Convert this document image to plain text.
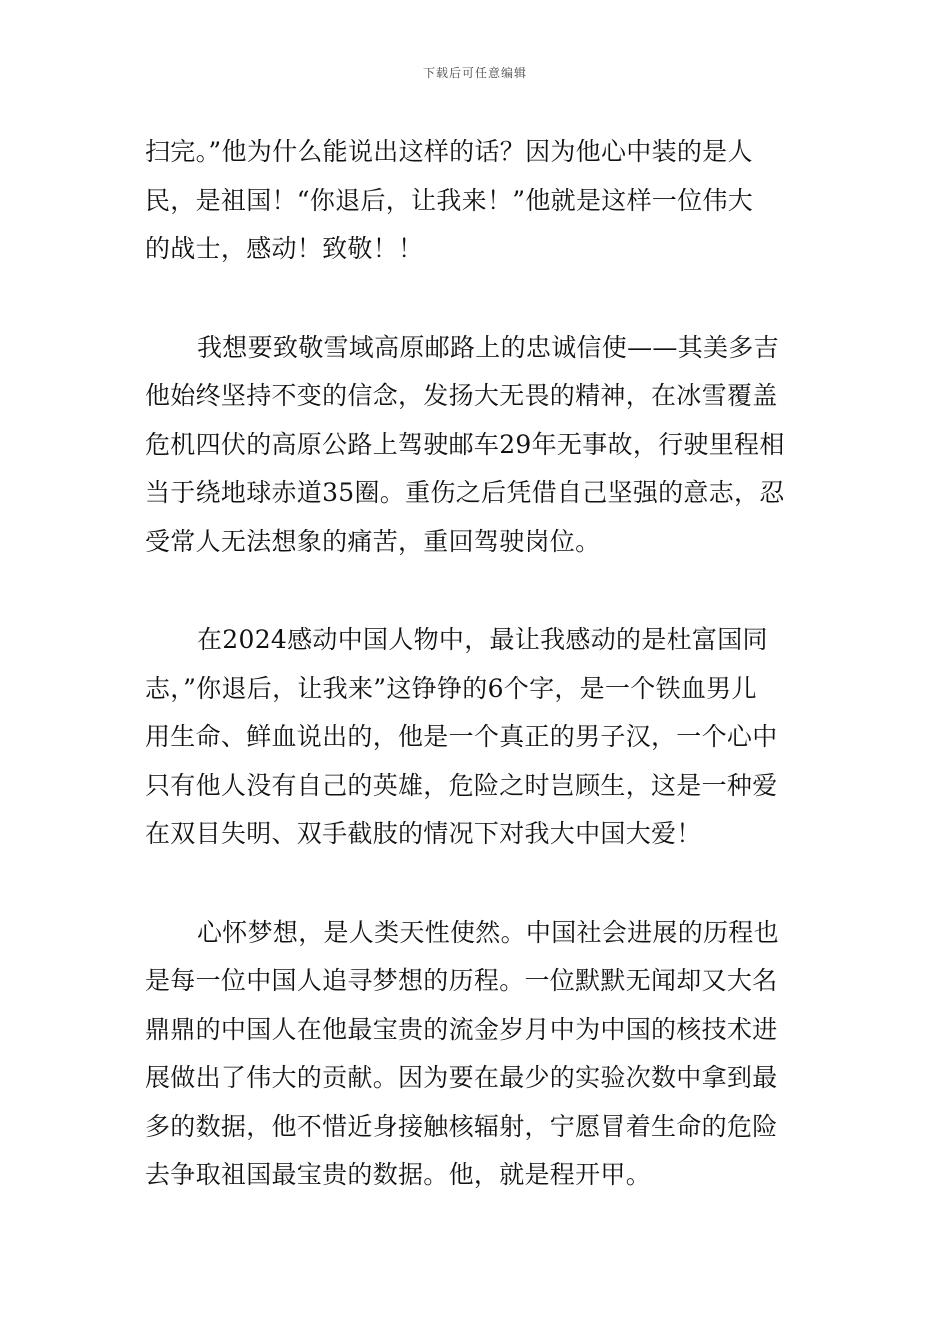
下载后可任意编辑
扫完。”他为什么能说出这样的话？因为他心中装的是人
民，是祖国！“你退后，让我来！”他就是这样一位伟大
的战士，感动！致敬！！
我想要致敬雪域高原邮路上的忠诚信使——其美多吉
他始终坚持不变的信念，发扬大无畏的精神，在冰雪覆盖
危机四伏的高原公路上驾驶邮车29年无事故，行驶里程相
当于绕地球赤道35圈。重伤之后凭借自己坚强的意志，忍
受常人无法想象的痛苦，重回驾驶岗位。
在2024感动中国人物中，最让我感动的是杜富国同
志，”你退后，让我来”这铮铮的6个字，是一个铁血男儿
用生命、鲜血说出的，他是一个真正的男子汉，一个心中
只有他人没有自己的英雄，危险之时岂顾生，这是一种爱
在双目失明、双手截肢的情况下对我大中国大爱！
心怀梦想，是人类天性使然。中国社会进展的历程也
是每一位中国人追寻梦想的历程。一位默默无闻却又大名
鼎鼎的中国人在他最宝贵的流金岁月中为中国的核技术进
展做出了伟大的贡献。因为要在最少的实验次数中拿到最
多的数据，他不惜近身接触核辐射，宁愿冒着生命的危险
去争取祖国最宝贵的数据。他，就是程开甲。
